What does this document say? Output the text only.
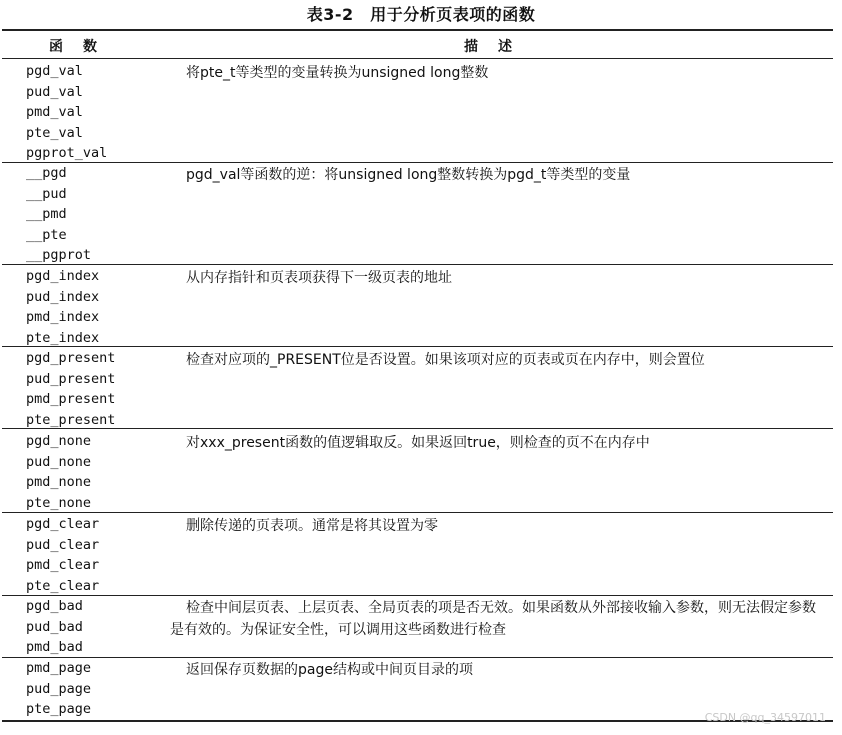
表3-2　用于分析页表项的函数
函数	描述
pgd_val
pud_val
pmd_val
pte_val
pgprot_val
将pte_t等类型的变量转换为unsigned long整数
__pgd
__pud
__pmd
__pte
__pgprot
pgd_val等函数的逆：将unsigned long整数转换为pgd_t等类型的变量
pgd_index
pud_index
pmd_index
pte_index
从内存指针和页表项获得下一级页表的地址
pgd_present
pud_present
pmd_present
pte_present
检查对应项的_PRESENT位是否设置。如果该项对应的页表或页在内存中，则会置位
pgd_none
pud_none
pmd_none
pte_none
对xxx_present函数的值逻辑取反。如果返回true，则检查的页不在内存中
pgd_clear
pud_clear
pmd_clear
pte_clear
删除传递的页表项。通常是将其设置为零
pgd_bad
pud_bad
pmd_bad
检查中间层页表、上层页表、全局页表的项是否无效。如果函数从外部接收输入参数，则无法假定参数是有效的。为保证安全性，可以调用这些函数进行检查
pmd_page
pud_page
pte_page
返回保存页数据的page结构或中间页目录的项
CSDN @qq_34597011
